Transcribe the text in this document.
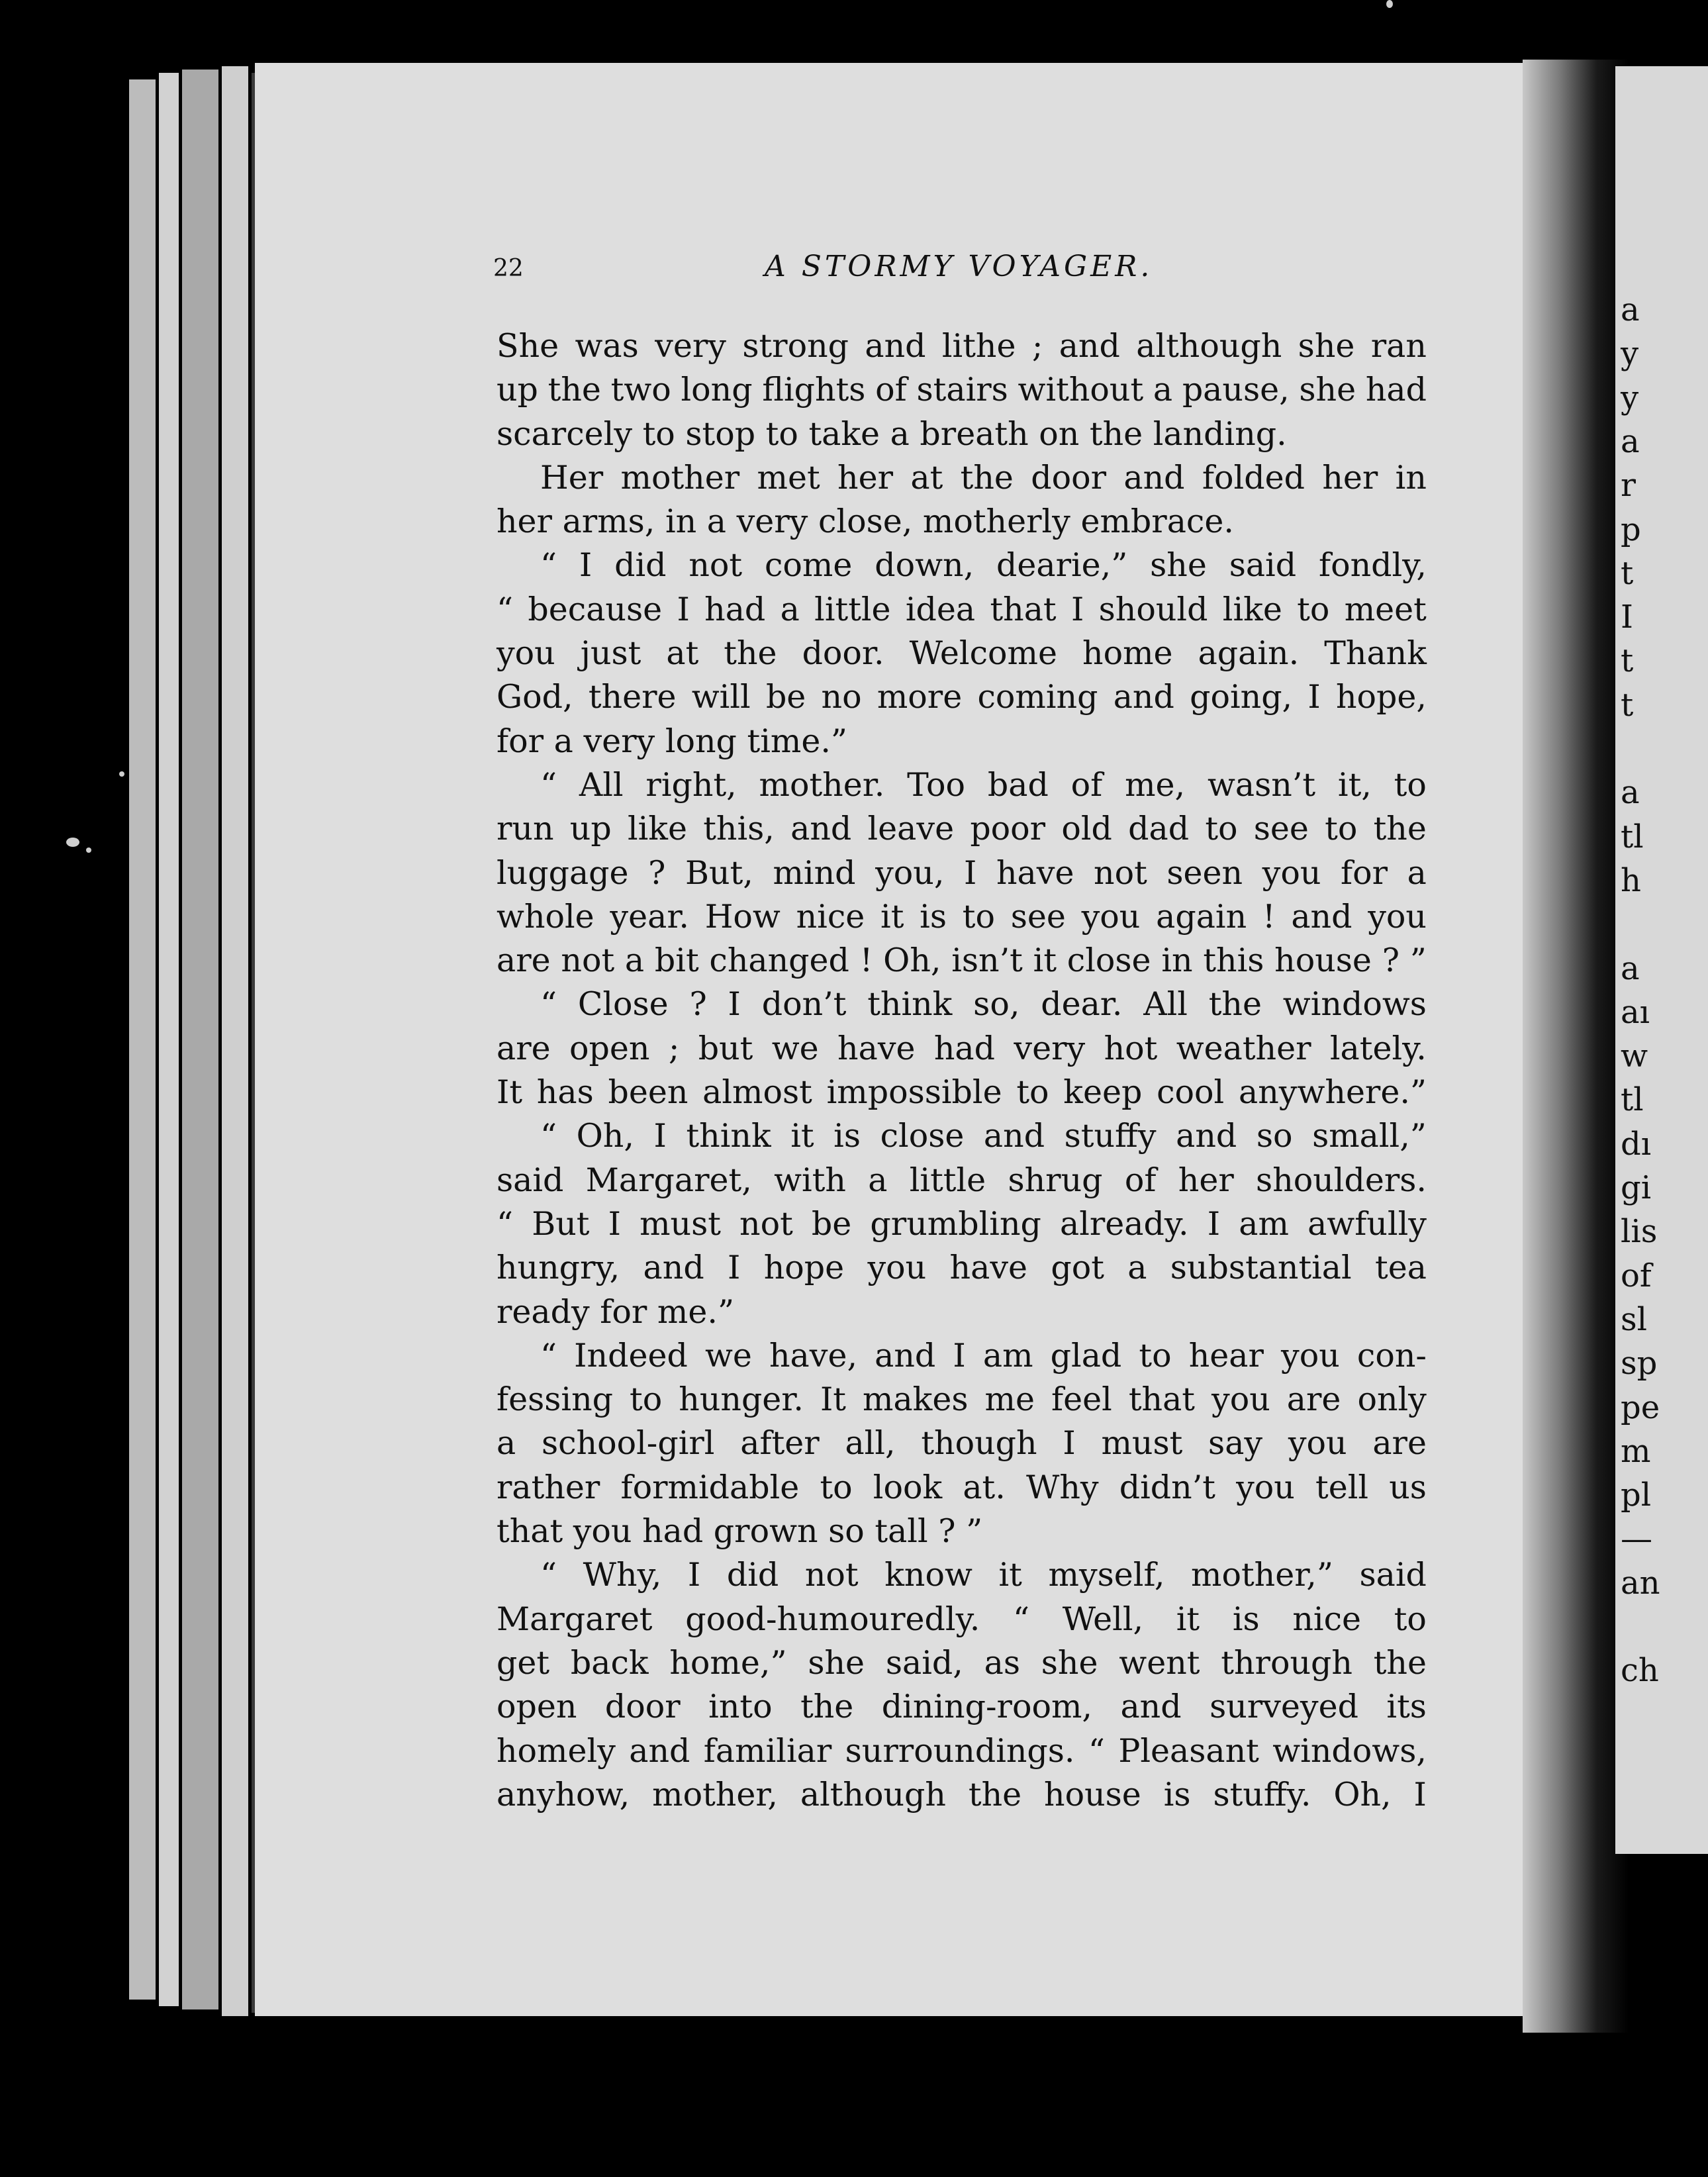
a
y
y
a
r
p
t
I
t
t
a
tl
h
a
aı
w
tl
dı
gi
lis
of
sl
sp
pe
m
pl
—
an
ch
22	A STORMY VOYAGER.
She was very strong and lithe ; and although she ran
up the two long flights of stairs without a pause, she had
scarcely to stop to take a breath on the landing.
Her mother met her at the door and folded her in
her arms, in a very close, motherly embrace.
“ I did not come down, dearie,” she said fondly,
“ because I had a little idea that I should like to meet
you just at the door. Welcome home again. Thank
God, there will be no more coming and going, I hope,
for a very long time.”
“ All right, mother. Too bad of me, wasn’t it, to
run up like this, and leave poor old dad to see to the
luggage ? But, mind you, I have not seen you for a
whole year. How nice it is to see you again ! and you
are not a bit changed ! Oh, isn’t it close in this house ? ”
“ Close ? I don’t think so, dear. All the windows
are open ; but we have had very hot weather lately.
It has been almost impossible to keep cool anywhere.”
“ Oh, I think it is close and stuffy and so small,”
said Margaret, with a little shrug of her shoulders.
“ But I must not be grumbling already. I am awfully
hungry, and I hope you have got a substantial tea
ready for me.”
“ Indeed we have, and I am glad to hear you con-
fessing to hunger. It makes me feel that you are only
a school-girl after all, though I must say you are
rather formidable to look at. Why didn’t you tell us
that you had grown so tall ? ”
“ Why, I did not know it myself, mother,” said
Margaret good-humouredly. “ Well, it is nice to
get back home,” she said, as she went through the
open door into the dining-room, and surveyed its
homely and familiar surroundings. “ Pleasant windows,
anyhow, mother, although the house is stuffy. Oh, I
